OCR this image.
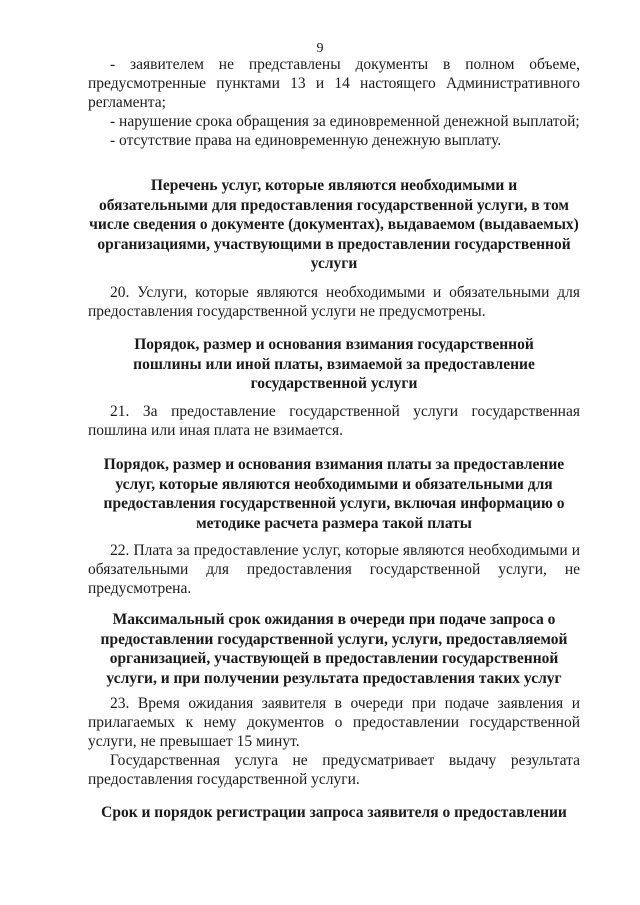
9

- заявителем не представлены документы в полном объеме, предусмотренные пунктами 13 и 14 настоящего Административного регламента;

- нарушение срока обращения за единовременной денежной выплатой;

- отсутствие права на единовременную денежную выплату.

Перечень услуг, которые являются необходимыми и
обязательными для предоставления государственной услуги, в том
числе сведения о документе (документах), выдаваемом (выдаваемых)
организациями, участвующими в предоставлении государственной
услуги

20. Услуги, которые являются необходимыми и обязательными для предоставления государственной услуги не предусмотрены.

Порядок, размер и основания взимания государственной
пошлины или иной платы, взимаемой за предоставление
государственной услуги

21. За предоставление государственной услуги государственная пошлина или иная плата не взимается.

Порядок, размер и основания взимания платы за предоставление
услуг, которые являются необходимыми и обязательными для
предоставления государственной услуги, включая информацию о
методике расчета размера такой платы

22. Плата за предоставление услуг, которые являются необходимыми и обязательными для предоставления государственной услуги, не предусмотрена.

Максимальный срок ожидания в очереди при подаче запроса о
предоставлении государственной услуги, услуги, предоставляемой
организацией, участвующей в предоставлении государственной
услуги, и при получении результата предоставления таких услуг

23. Время ожидания заявителя в очереди при подаче заявления и прилагаемых к нему документов о предоставлении государственной услуги, не превышает 15 минут.

Государственная услуга не предусматривает выдачу результата предоставления государственной услуги.

Срок и порядок регистрации запроса заявителя о предоставлении
